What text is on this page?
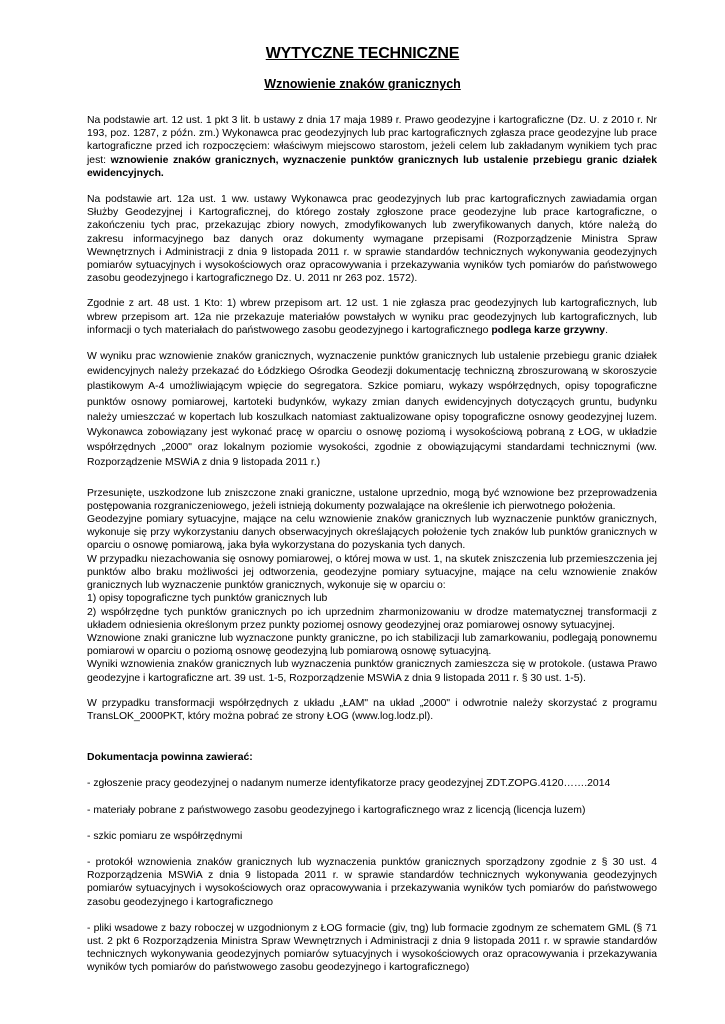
WYTYCZNE TECHNICZNE
Wznowienie znaków granicznych

Na podstawie art. 12 ust. 1 pkt 3 lit. b ustawy z dnia 17 maja 1989 r. Prawo geodezyjne i kartograficzne (Dz. U. z 2010 r. Nr 193, poz. 1287, z późn. zm.) Wykonawca prac geodezyjnych lub prac kartograficznych zgłasza prace geodezyjne lub prace kartograficzne przed ich rozpoczęciem: właściwym miejscowo starostom, jeżeli celem lub zakładanym wynikiem tych prac jest: wznowienie znaków granicznych, wyznaczenie punktów granicznych lub ustalenie przebiegu granic działek ewidencyjnych.

Na podstawie art. 12a ust. 1 ww. ustawy Wykonawca prac geodezyjnych lub prac kartograficznych zawiadamia organ Służby Geodezyjnej i Kartograficznej, do którego zostały zgłoszone prace geodezyjne lub prace kartograficzne, o zakończeniu tych prac, przekazując zbiory nowych, zmodyfikowanych lub zweryfikowanych danych, które należą do zakresu informacyjnego baz danych oraz dokumenty wymagane przepisami (Rozporządzenie Ministra Spraw Wewnętrznych i Administracji z dnia 9 listopada 2011 r. w sprawie standardów technicznych wykonywania geodezyjnych pomiarów sytuacyjnych i wysokościowych oraz opracowywania i przekazywania wyników tych pomiarów do państwowego zasobu geodezyjnego i kartograficznego Dz. U. 2011 nr 263 poz. 1572).

Zgodnie z art. 48 ust. 1 Kto: 1) wbrew przepisom art. 12 ust. 1 nie zgłasza prac geodezyjnych lub kartograficznych, lub wbrew przepisom art. 12a nie przekazuje materiałów powstałych w wyniku prac geodezyjnych lub kartograficznych, lub informacji o tych materiałach do państwowego zasobu geodezyjnego i kartograficznego podlega karze grzywny.

W wyniku prac wznowienie znaków granicznych, wyznaczenie punktów granicznych lub ustalenie przebiegu granic działek ewidencyjnych należy przekazać do Łódzkiego Ośrodka Geodezji dokumentację techniczną zbroszurowaną w skoroszycie plastikowym A-4 umożliwiającym wpięcie do segregatora. Szkice pomiaru, wykazy współrzędnych, opisy topograficzne punktów osnowy pomiarowej, kartoteki budynków, wykazy zmian danych ewidencyjnych dotyczących gruntu, budynku należy umieszczać w kopertach lub koszulkach natomiast zaktualizowane opisy topograficzne osnowy geodezyjnej luzem. Wykonawca zobowiązany jest wykonać pracę w oparciu o osnowę poziomą i wysokościową pobraną z ŁOG, w układzie współrzędnych „2000" oraz lokalnym poziomie wysokości, zgodnie z obowiązującymi standardami technicznymi (ww. Rozporządzenie MSWiA z dnia 9 listopada 2011 r.)

Przesunięte, uszkodzone lub zniszczone znaki graniczne, ustalone uprzednio, mogą być wznowione bez przeprowadzenia postępowania rozgraniczeniowego, jeżeli istnieją dokumenty pozwalające na określenie ich pierwotnego położenia.

Geodezyjne pomiary sytuacyjne, mające na celu wznowienie znaków granicznych lub wyznaczenie punktów granicznych, wykonuje się przy wykorzystaniu danych obserwacyjnych określających położenie tych znaków lub punktów granicznych w oparciu o osnowę pomiarową, jaka była wykorzystana do pozyskania tych danych.

W przypadku niezachowania się osnowy pomiarowej, o której mowa w ust. 1, na skutek zniszczenia lub przemieszczenia jej punktów albo braku możliwości jej odtworzenia, geodezyjne pomiary sytuacyjne, mające na celu wznowienie znaków granicznych lub wyznaczenie punktów granicznych, wykonuje się w oparciu o:

1) opisy topograficzne tych punktów granicznych lub

2) współrzędne tych punktów granicznych po ich uprzednim zharmonizowaniu w drodze matematycznej transformacji z układem odniesienia określonym przez punkty poziomej osnowy geodezyjnej oraz pomiarowej osnowy sytuacyjnej.

Wznowione znaki graniczne lub wyznaczone punkty graniczne, po ich stabilizacji lub zamarkowaniu, podlegają ponownemu pomiarowi w oparciu o poziomą osnowę geodezyjną lub pomiarową osnowę sytuacyjną.

Wyniki wznowienia znaków granicznych lub wyznaczenia punktów granicznych zamieszcza się w protokole. (ustawa Prawo geodezyjne i kartograficzne art. 39 ust. 1-5, Rozporządzenie MSWiA z dnia 9 listopada 2011 r. § 30 ust. 1-5).

W przypadku transformacji współrzędnych z układu „ŁAM" na układ „2000" i odwrotnie należy skorzystać z programu TransLOK_2000PKT, który można pobrać ze strony ŁOG (www.log.lodz.pl).

Dokumentacja powinna zawierać:

- zgłoszenie pracy geodezyjnej o nadanym numerze identyfikatorze pracy geodezyjnej ZDT.ZOPG.4120…….2014

- materiały pobrane z państwowego zasobu geodezyjnego i kartograficznego wraz z licencją (licencja luzem)

- szkic pomiaru ze współrzędnymi

- protokół wznowienia znaków granicznych lub wyznaczenia punktów granicznych sporządzony zgodnie z § 30 ust. 4 Rozporządzenia MSWiA z dnia 9 listopada 2011 r. w sprawie standardów technicznych wykonywania geodezyjnych pomiarów sytuacyjnych i wysokościowych oraz opracowywania i przekazywania wyników tych pomiarów do państwowego zasobu geodezyjnego i kartograficznego

- pliki wsadowe z bazy roboczej w uzgodnionym z ŁOG formacie (giv, tng) lub formacie zgodnym ze schematem GML (§ 71 ust. 2 pkt 6 Rozporządzenia Ministra Spraw Wewnętrznych i Administracji z dnia 9 listopada 2011 r. w sprawie standardów technicznych wykonywania geodezyjnych pomiarów sytuacyjnych i wysokościowych oraz opracowywania i przekazywania wyników tych pomiarów do państwowego zasobu geodezyjnego i kartograficznego)
